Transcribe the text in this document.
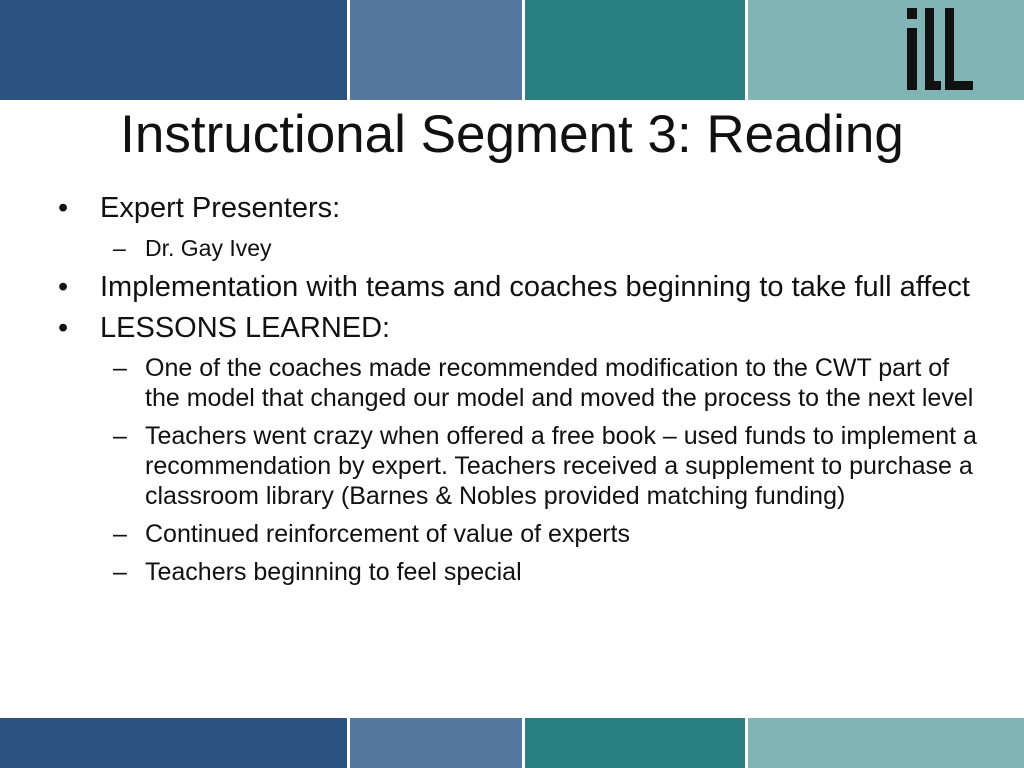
Instructional Segment 3: Reading
•	Expert Presenters:
– Dr. Gay Ivey
•	Implementation with teams and coaches beginning to take full affect
•	LESSONS LEARNED:
– One of the coaches made recommended modification to the CWT part of the model that changed our model and moved the process to the next level
– Teachers went crazy when offered a free book – used funds to implement a recommendation by expert. Teachers received a supplement to purchase a classroom library (Barnes & Nobles provided matching funding)
– Continued reinforcement of value of experts
– Teachers beginning to feel special
